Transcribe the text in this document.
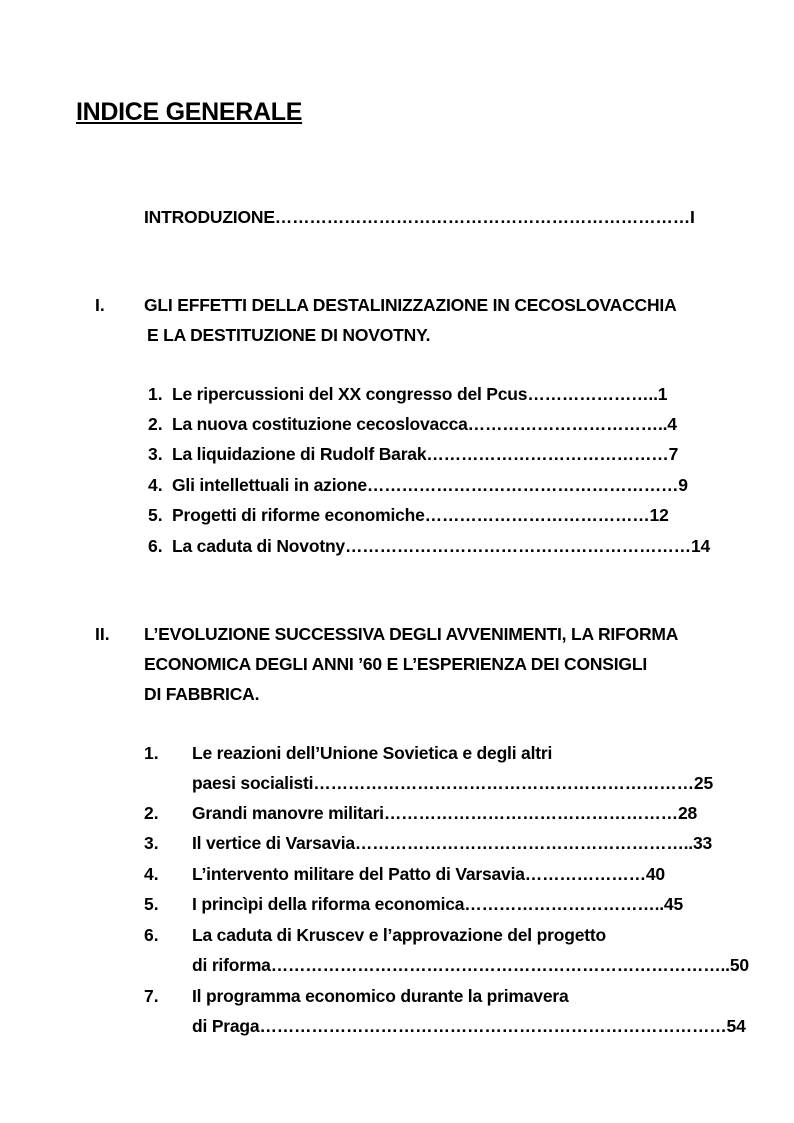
INDICE GENERALE
INTRODUZIONE………………………………………………………………I
I. GLI EFFETTI DELLA DESTALINIZZAZIONE IN CECOSLOVACCHIA
E LA DESTITUZIONE DI NOVOTNY.
1. Le ripercussioni del XX congresso del Pcus…………………..1
2. La nuova costituzione cecoslovacca……………………………..4
3. La liquidazione di Rudolf Barak……………………………………7
4. Gli intellettuali in azione………………………………………………9
5. Progetti di riforme economiche…………………………………12
6. La caduta di Novotny……………………………………………………14
II. L’EVOLUZIONE SUCCESSIVA DEGLI AVVENIMENTI, LA RIFORMA
ECONOMICA DEGLI ANNI ’60 E L’ESPERIENZA DEI CONSIGLI
DI FABBRICA.
1. Le reazioni dell’Unione Sovietica e degli altri
paesi socialisti…………………………………………………………25
2. Grandi manovre militari……………………………………………28
3. Il vertice di Varsavia…………………………………………………..33
4. L’intervento militare del Patto di Varsavia…………………40
5. I princìpi della riforma economica……………………………..45
6. La caduta di Kruscev e l’approvazione del progetto
di riforma……………………………………………………………………..50
7. Il programma economico durante la primavera
di Praga………………………………………………………………………54
